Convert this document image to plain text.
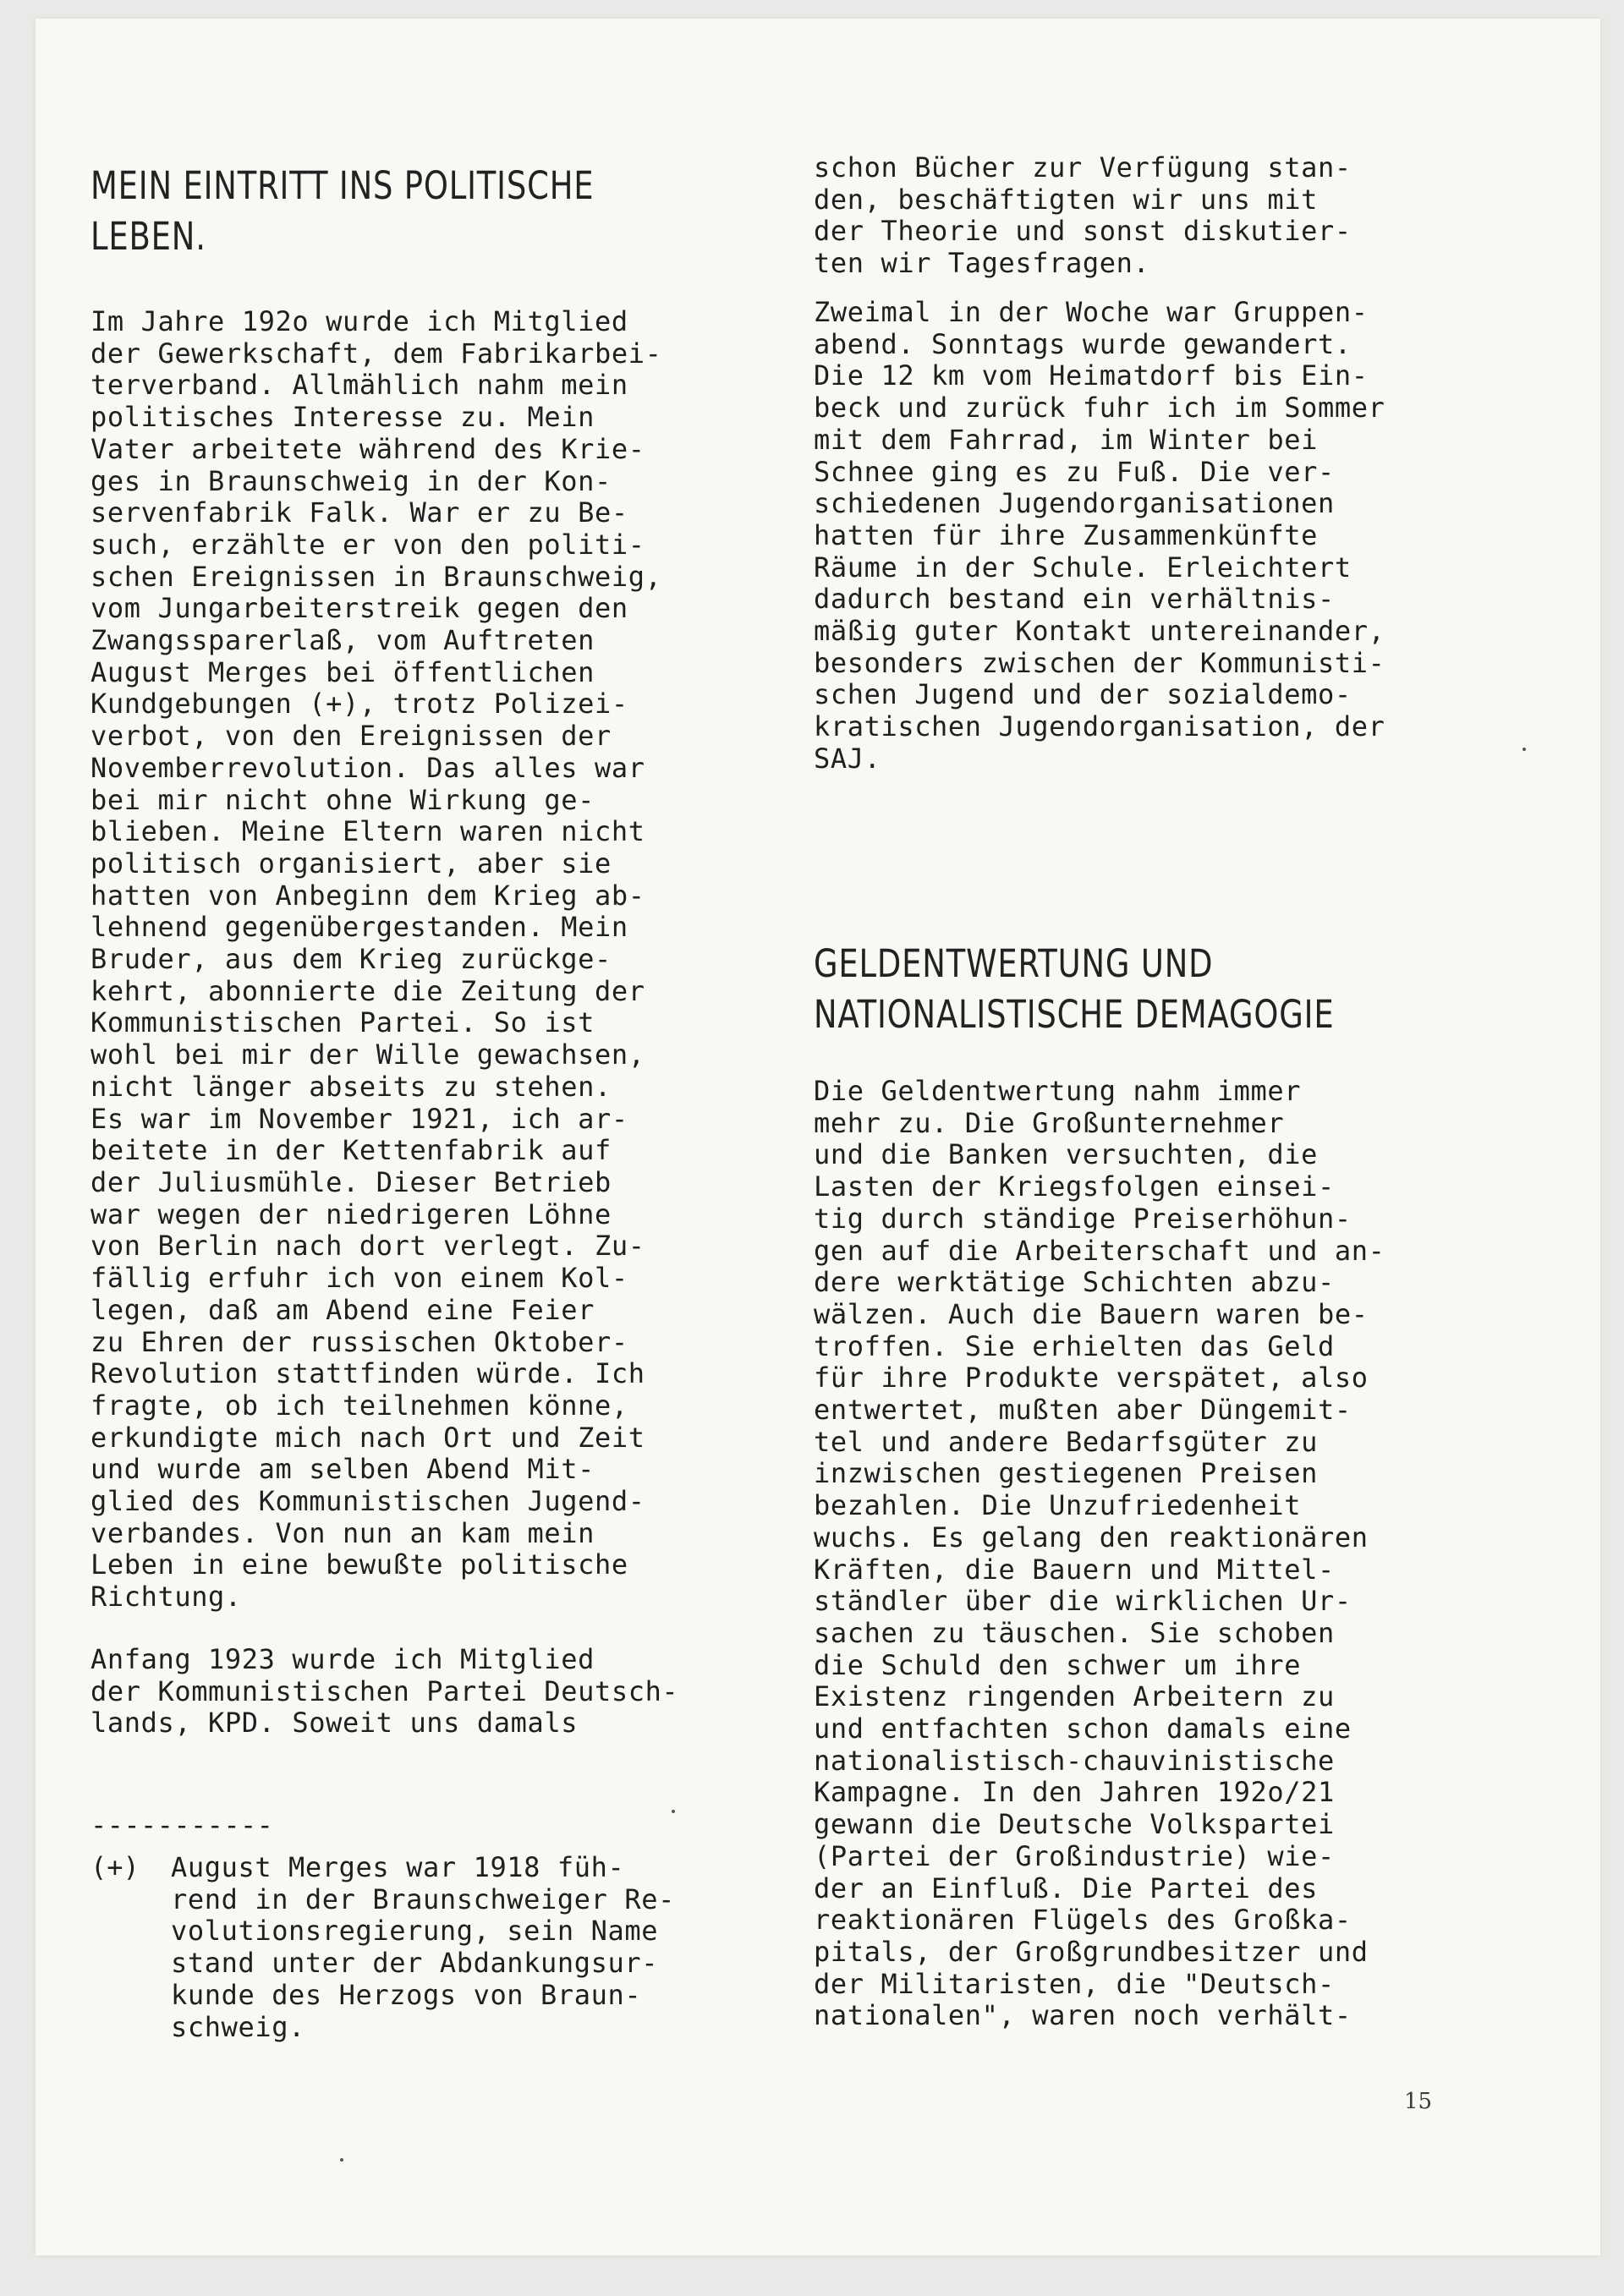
MEIN EINTRITT INS POLITISCHE
LEBEN.

Im Jahre 192o wurde ich Mitglied
der Gewerkschaft, dem Fabrikarbei-
terverband. Allmählich nahm mein
politisches Interesse zu. Mein
Vater arbeitete während des Krie-
ges in Braunschweig in der Kon-
servenfabrik Falk. War er zu Be-
such, erzählte er von den politi-
schen Ereignissen in Braunschweig,
vom Jungarbeiterstreik gegen den
Zwangssparerlaß, vom Auftreten
August Merges bei öffentlichen
Kundgebungen (+), trotz Polizei-
verbot, von den Ereignissen der
Novemberrevolution. Das alles war
bei mir nicht ohne Wirkung ge-
blieben. Meine Eltern waren nicht
politisch organisiert, aber sie
hatten von Anbeginn dem Krieg ab-
lehnend gegenübergestanden. Mein
Bruder, aus dem Krieg zurückge-
kehrt, abonnierte die Zeitung der
Kommunistischen Partei. So ist
wohl bei mir der Wille gewachsen,
nicht länger abseits zu stehen.
Es war im November 1921, ich ar-
beitete in der Kettenfabrik auf
der Juliusmühle. Dieser Betrieb
war wegen der niedrigeren Löhne
von Berlin nach dort verlegt. Zu-
fällig erfuhr ich von einem Kol-
legen, daß am Abend eine Feier
zu Ehren der russischen Oktober-
Revolution stattfinden würde. Ich
fragte, ob ich teilnehmen könne,
erkundigte mich nach Ort und Zeit
und wurde am selben Abend Mit-
glied des Kommunistischen Jugend-
verbandes. Von nun an kam mein
Leben in eine bewußte politische
Richtung.

Anfang 1923 wurde ich Mitglied
der Kommunistischen Partei Deutsch-
lands, KPD. Soweit uns damals

-----------
(+) August Merges war 1918 füh-
rend in der Braunschweiger Re-
volutionsregierung, sein Name
stand unter der Abdankungsur-
kunde des Herzogs von Braun-
schweig.

schon Bücher zur Verfügung stan-
den, beschäftigten wir uns mit
der Theorie und sonst diskutier-
ten wir Tagesfragen.

Zweimal in der Woche war Gruppen-
abend. Sonntags wurde gewandert.
Die 12 km vom Heimatdorf bis Ein-
beck und zurück fuhr ich im Sommer
mit dem Fahrrad, im Winter bei
Schnee ging es zu Fuß. Die ver-
schiedenen Jugendorganisationen
hatten für ihre Zusammenkünfte
Räume in der Schule. Erleichtert
dadurch bestand ein verhältnis-
mäßig guter Kontakt untereinander,
besonders zwischen der Kommunisti-
schen Jugend und der sozialdemo-
kratischen Jugendorganisation, der
SAJ.

GELDENTWERTUNG UND
NATIONALISTISCHE DEMAGOGIE

Die Geldentwertung nahm immer
mehr zu. Die Großunternehmer
und die Banken versuchten, die
Lasten der Kriegsfolgen einsei-
tig durch ständige Preiserhöhun-
gen auf die Arbeiterschaft und an-
dere werktätige Schichten abzu-
wälzen. Auch die Bauern waren be-
troffen. Sie erhielten das Geld
für ihre Produkte verspätet, also
entwertet, mußten aber Düngemit-
tel und andere Bedarfsgüter zu
inzwischen gestiegenen Preisen
bezahlen. Die Unzufriedenheit
wuchs. Es gelang den reaktionären
Kräften, die Bauern und Mittel-
ständler über die wirklichen Ur-
sachen zu täuschen. Sie schoben
die Schuld den schwer um ihre
Existenz ringenden Arbeitern zu
und entfachten schon damals eine
nationalistisch-chauvinistische
Kampagne. In den Jahren 192o/21
gewann die Deutsche Volkspartei
(Partei der Großindustrie) wie-
der an Einfluß. Die Partei des
reaktionären Flügels des Großka-
pitals, der Großgrundbesitzer und
der Militaristen, die "Deutsch-
nationalen", waren noch verhält-

15
